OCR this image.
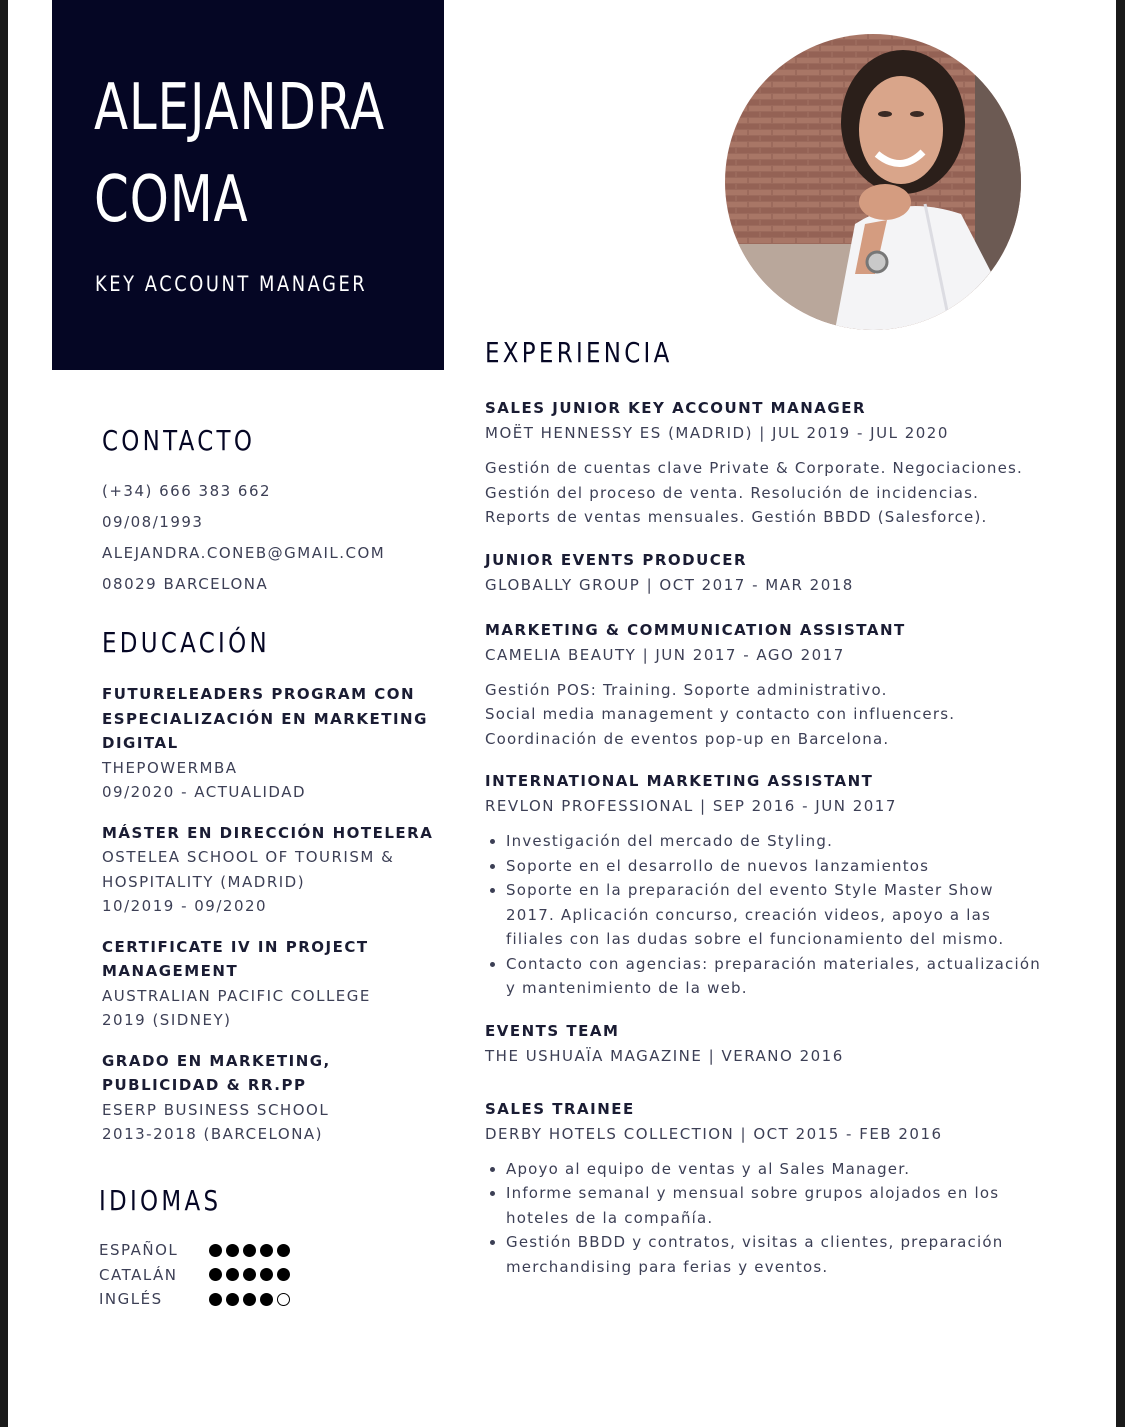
ALEJANDRA
COMA
KEY ACCOUNT MANAGER
CONTACTO
(+34) 666 383 662
09/08/1993
ALEJANDRA.CONEB@GMAIL.COM
08029 BARCELONA
EDUCACIÓN
FUTURELEADERS PROGRAM CON ESPECIALIZACIÓN EN MARKETING DIGITAL
THEPOWERMBA
09/2020 - ACTUALIDAD
MÁSTER EN DIRECCIÓN HOTELERA
OSTELEA SCHOOL OF TOURISM & HOSPITALITY (MADRID)
10/2019 - 09/2020
CERTIFICATE IV IN PROJECT MANAGEMENT
AUSTRALIAN PACIFIC COLLEGE
2019 (SIDNEY)
GRADO EN MARKETING, PUBLICIDAD & RR.PP
ESERP BUSINESS SCHOOL
2013-2018 (BARCELONA)
IDIOMAS
ESPAÑOL
CATALÁN
INGLÉS
EXPERIENCIA
SALES JUNIOR KEY ACCOUNT MANAGER
MOËT HENNESSY ES (MADRID) | JUL 2019 - JUL 2020
Gestión de cuentas clave Private & Corporate. Negociaciones. Gestión del proceso de venta. Resolución de incidencias. Reports de ventas mensuales. Gestión BBDD (Salesforce).
JUNIOR EVENTS PRODUCER
GLOBALLY GROUP | OCT 2017 - MAR 2018
MARKETING & COMMUNICATION ASSISTANT
CAMELIA BEAUTY | JUN 2017 - AGO 2017
Gestión POS: Training. Soporte administrativo.
Social media management y contacto con influencers.
Coordinación de eventos pop-up en Barcelona.
INTERNATIONAL MARKETING ASSISTANT
REVLON PROFESSIONAL | SEP 2016 - JUN 2017
• Investigación del mercado de Styling.
• Soporte en el desarrollo de nuevos lanzamientos
• Soporte en la preparación del evento Style Master Show 2017. Aplicación concurso, creación videos, apoyo a las filiales con las dudas sobre el funcionamiento del mismo.
• Contacto con agencias: preparación materiales, actualización y mantenimiento de la web.
EVENTS TEAM
THE USHUAÏA MAGAZINE | VERANO 2016
SALES TRAINEE
DERBY HOTELS COLLECTION | OCT 2015 - FEB 2016
• Apoyo al equipo de ventas y al Sales Manager.
• Informe semanal y mensual sobre grupos alojados en los hoteles de la compañía.
• Gestión BBDD y contratos, visitas a clientes, preparación merchandising para ferias y eventos.
